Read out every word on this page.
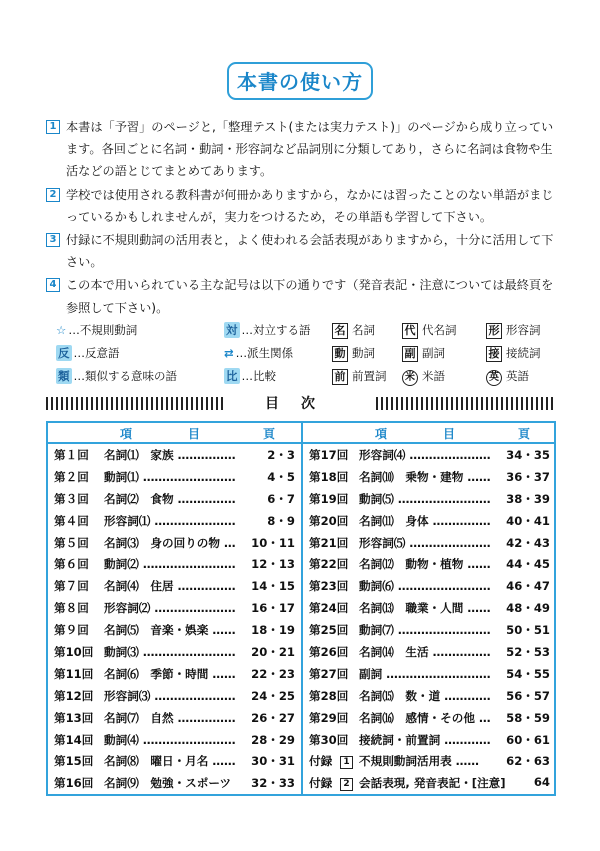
本書の使い方
1 本書は「予習」のページと,「整理テスト(または実力テスト)」のページから成り立っています。各回ごとに名詞・動詞・形容詞など品詞別に分類してあり，さらに名詞は食物や生活などの語とじてまとめてあります。
2 学校では使用される教科書が何冊かありますから，なかには習ったことのない単語がまじっているかもしれませんが，実力をつけるため，その単語も学習して下さい。
3 付録に不規則動詞の活用表と，よく使われる会話表現がありますから，十分に活用して下さい。
4 この本で用いられている主な記号は以下の通りです（発音表記・注意については最終頁を参照して下さい)。
☆ …不規則動詞	対 …対立する語 名 名詞	代 代名詞	形 形容詞
反 …反意語	⇄ …派生関係	動 動詞	副 副詞	接 接続詞
類 …類似する意味の語	比 …比較	前 前置詞	米 米語	英 英語
目次
項	目	頁
第１回 名詞⑴　家族 ……………	2・3
第２回 動詞⑴ ……………………	4・5
第３回 名詞⑵　食物 ……………	6・7
第４回 形容詞⑴ …………………	8・9
第５回 名詞⑶　身の回りの物 … 10・11
第６回 動詞⑵ …………………… 12・13
第７回 名詞⑷　住居 …………… 14・15
第８回 形容詞⑵ ………………… 16・17
第９回 名詞⑸　音楽・娯楽 …… 18・19
第10回 動詞⑶ …………………… 20・21
第11回 名詞⑹　季節・時間 …… 22・23
第12回 形容詞⑶ ………………… 24・25
第13回 名詞⑺　自然 …………… 26・27
第14回 動詞⑷ …………………… 28・29
第15回 名詞⑻　曜日・月名 …… 30・31
第16回 名詞⑼　勉強・スポーツ 32・33
項	目	頁
第17回 形容詞⑷ ………………… 34・35
第18回 名詞⑽　乗物・建物 …… 36・37
第19回 動詞⑸ …………………… 38・39
第20回 名詞⑾　身体 …………… 40・41
第21回 形容詞⑸ ………………… 42・43
第22回 名詞⑿　動物・植物 …… 44・45
第23回 動詞⑹ …………………… 46・47
第24回 名詞⒀　職業・人間 …… 48・49
第25回 動詞⑺ …………………… 50・51
第26回 名詞⒁　生活 …………… 52・53
第27回 副詞 ……………………… 54・55
第28回 名詞⒂　数・道 ………… 56・57
第29回 名詞⒃　感情・その他 … 58・59
第30回 接続詞・前置詞 ………… 60・61
付録	1 不規則動詞活用表 …… 62・63
付録	2 会話表現, 発音表記・[注意] 64
